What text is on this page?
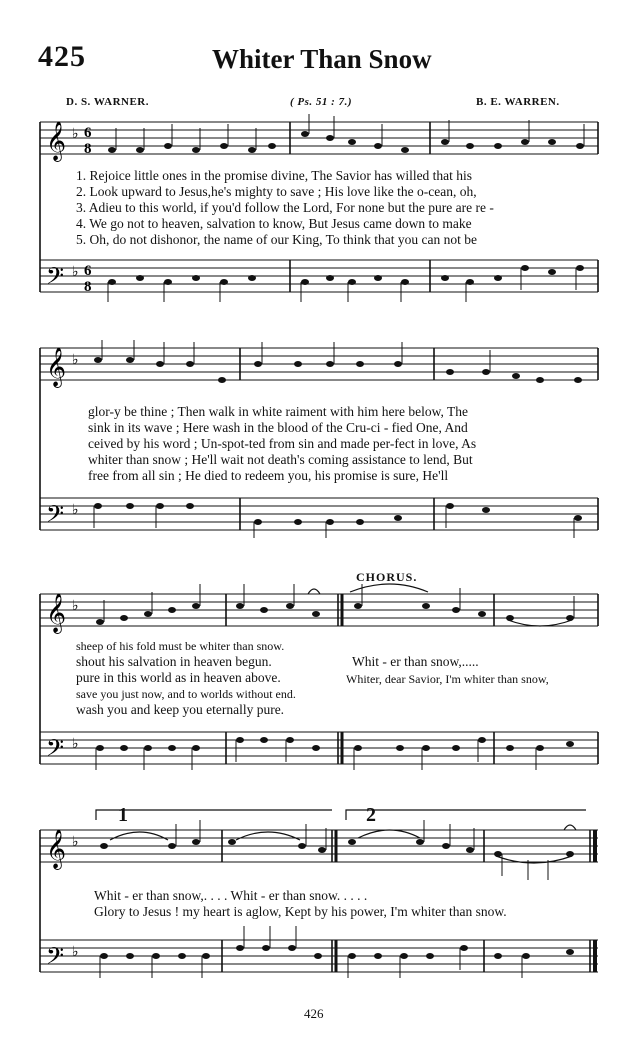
425	Whiter Than Snow
D. S. WARNER.	( Ps. 51 : 7.)	B. E. WARREN.
𝄞
𝄢
♭
♭
6
8
6
8
1. Rejoice little ones in the promise divine, The Savior has willed that his
2. Look upward to Jesus,he's mighty to save ; His love like the o-cean, oh,
3. Adieu to this world, if you'd follow the Lord, For none but the pure are re -
4. We go not to heaven, salvation to know, But Jesus came down to make
5. Oh, do not dishonor, the name of our King, To think that you can not be
𝄞
𝄢
♭
♭
glor-y be thine ; Then walk in white raiment with him here below, The
sink in its wave ; Here wash in the blood of the Cru-ci - fied One, And
ceived by his word ; Un-spot-ted from sin and made per-fect in love, As
whiter than snow ; He'll wait not death's coming assistance to lend, But
free from all sin ; He died to redeem you, his promise is sure, He'll
CHORUS.
𝄞
𝄢
♭
♭
sheep of his fold must be whiter than snow.
shout his salvation in heaven begun.
pure in this world as in heaven above.
save you just now, and to worlds without end.
wash you and keep you eternally pure.
Whit - er than snow,.....
Whiter, dear Savior, I'm whiter than snow,
1	2
𝄞
𝄢
♭
♭
Whit - er than snow,. . . . Whit - er than snow. . . . .
Glory to Jesus ! my heart is aglow, Kept by his power, I'm whiter than snow.
426
